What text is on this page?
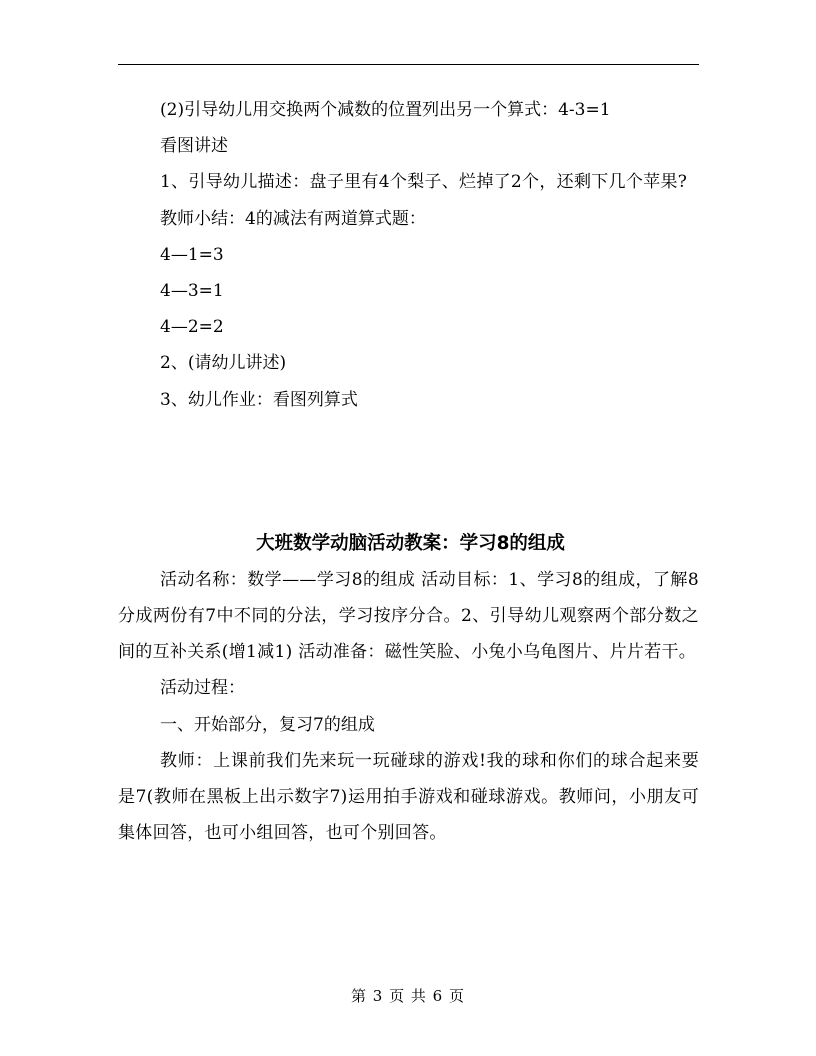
(2)引导幼儿用交换两个减数的位置列出另一个算式：4-3=1

看图讲述

1、引导幼儿描述：盘子里有4个梨子、烂掉了2个，还剩下几个苹果?

教师小结：4的减法有两道算式题：

4—1=3

4—3=1

4—2=2

2、(请幼儿讲述)

3、幼儿作业：看图列算式

大班数学动脑活动教案：学习8的组成

活动名称：数学——学习8的组成 活动目标：1、学习8的组成，了解8分成两份有7中不同的分法，学习按序分合。2、引导幼儿观察两个部分数之间的互补关系(增1减1) 活动准备：磁性笑脸、小兔小乌龟图片、片片若干。

活动过程：

一、开始部分，复习7的组成

教师：上课前我们先来玩一玩碰球的游戏!我的球和你们的球合起来要是7(教师在黑板上出示数字7)运用拍手游戏和碰球游戏。教师问，小朋友可集体回答，也可小组回答，也可个别回答。

第 3 页 共 6 页
